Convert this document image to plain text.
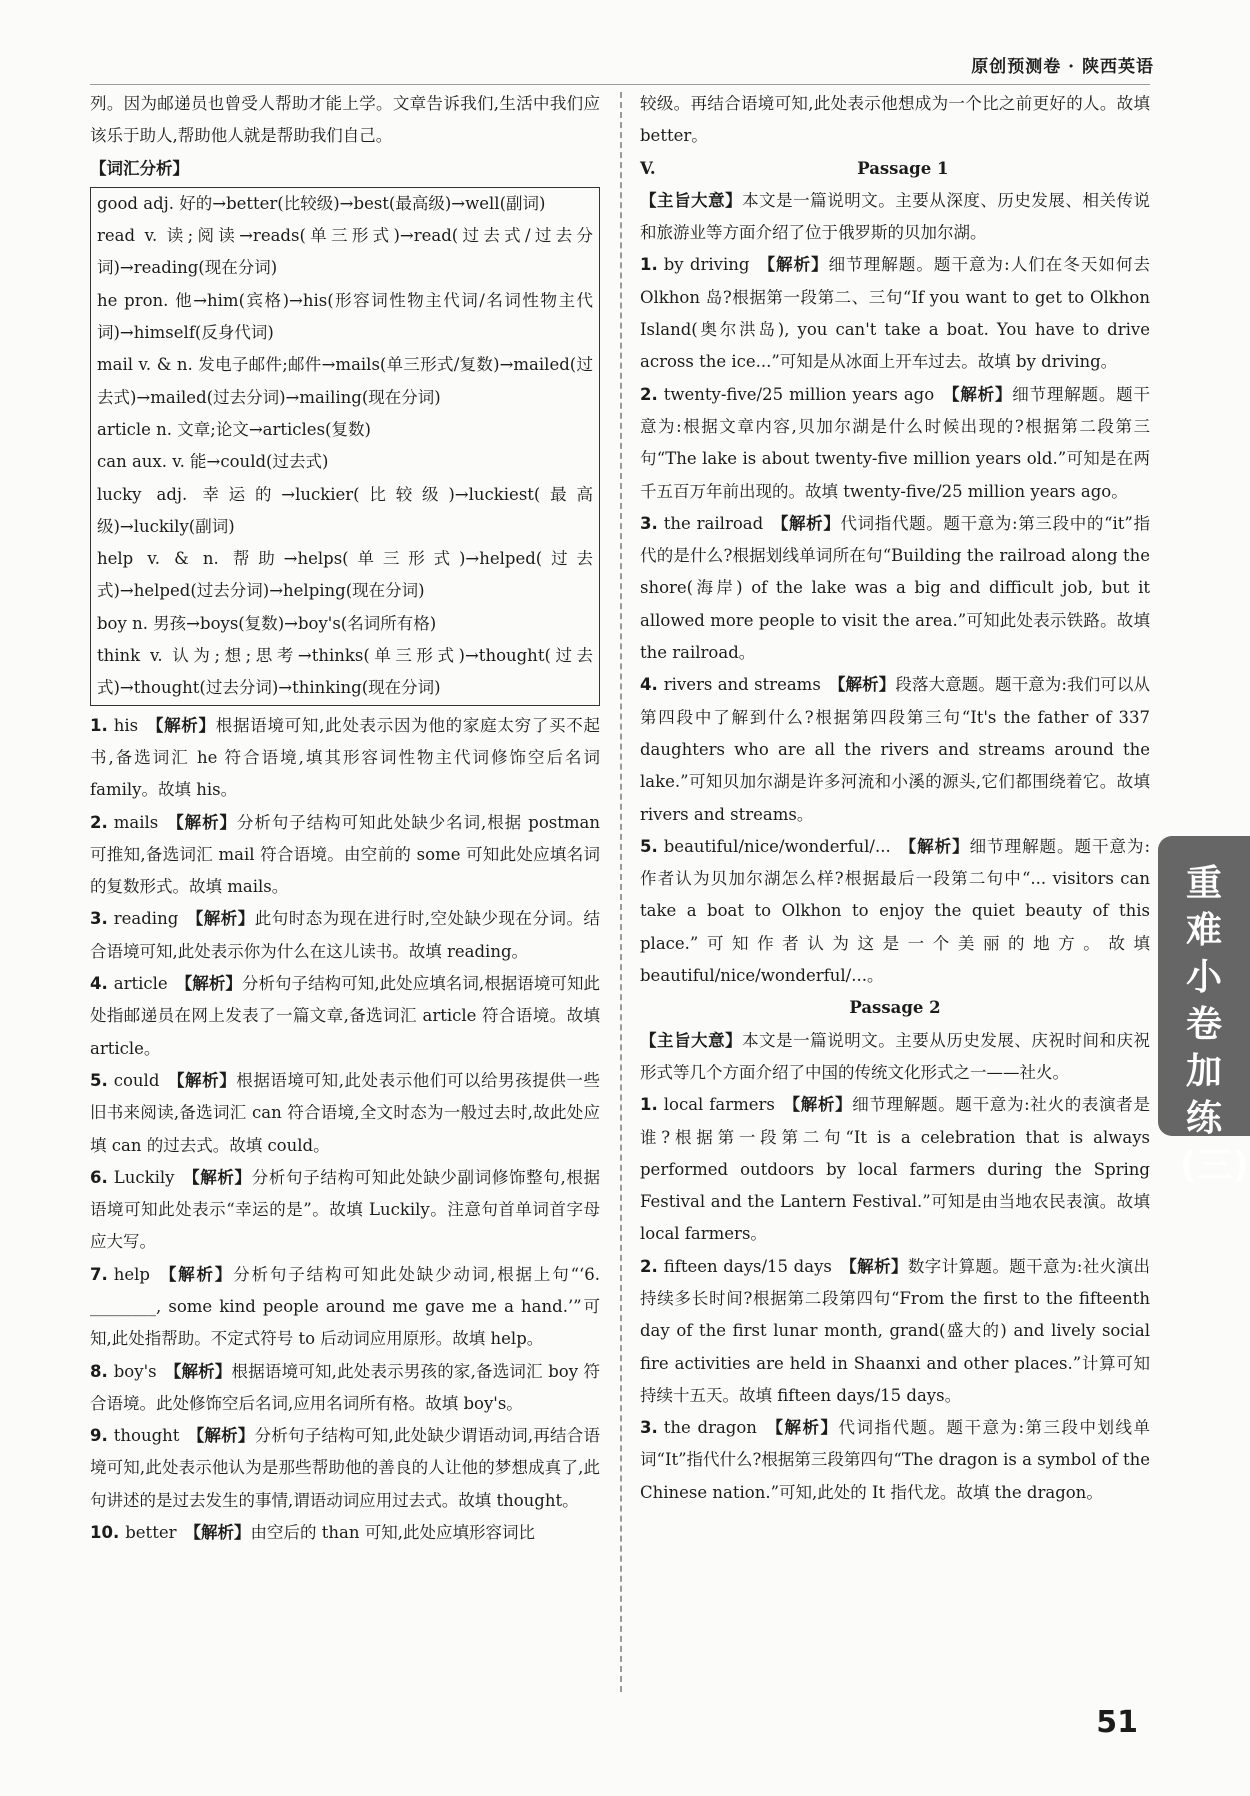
原创预测卷 · 陕西英语

列。因为邮递员也曾受人帮助才能上学。文章告诉我们,生活中我们应该乐于助人,帮助他人就是帮助我们自己。

【词汇分析】

good adj. 好的→better(比较级)→best(最高级)→well(副词)
read v. 读;阅读→reads(单三形式)→read(过去式/过去分词)→reading(现在分词)
he pron. 他→him(宾格)→his(形容词性物主代词/名词性物主代词)→himself(反身代词)
mail v. & n. 发电子邮件;邮件→mails(单三形式/复数)→mailed(过去式)→mailed(过去分词)→mailing(现在分词)
article n. 文章;论文→articles(复数)
can aux. v. 能→could(过去式)
lucky adj. 幸运的→luckier(比较级)→luckiest(最高级)→luckily(副词)
help v. & n. 帮助→helps(单三形式)→helped(过去式)→helped(过去分词)→helping(现在分词)
boy n. 男孩→boys(复数)→boy's(名词所有格)
think v. 认为;想;思考→thinks(单三形式)→thought(过去式)→thought(过去分词)→thinking(现在分词)

1. his 【解析】根据语境可知,此处表示因为他的家庭太穷了买不起书,备选词汇 he 符合语境,填其形容词性物主代词修饰空后名词 family。故填 his。

2. mails 【解析】分析句子结构可知此处缺少名词,根据 postman 可推知,备选词汇 mail 符合语境。由空前的 some 可知此处应填名词的复数形式。故填 mails。

3. reading 【解析】此句时态为现在进行时,空处缺少现在分词。结合语境可知,此处表示你为什么在这儿读书。故填 reading。

4. article 【解析】分析句子结构可知,此处应填名词,根据语境可知此处指邮递员在网上发表了一篇文章,备选词汇 article 符合语境。故填 article。

5. could 【解析】根据语境可知,此处表示他们可以给男孩提供一些旧书来阅读,备选词汇 can 符合语境,全文时态为一般过去时,故此处应填 can 的过去式。故填 could。

6. Luckily 【解析】分析句子结构可知此处缺少副词修饰整句,根据语境可知此处表示“幸运的是”。故填 Luckily。注意句首单词首字母应大写。

7. help 【解析】分析句子结构可知此处缺少动词,根据上句“‘6. ________, some kind people around me gave me a hand.’”可知,此处指帮助。不定式符号 to 后动词应用原形。故填 help。

8. boy's 【解析】根据语境可知,此处表示男孩的家,备选词汇 boy 符合语境。此处修饰空后名词,应用名词所有格。故填 boy's。

9. thought 【解析】分析句子结构可知,此处缺少谓语动词,再结合语境可知,此处表示他认为是那些帮助他的善良的人让他的梦想成真了,此句讲述的是过去发生的事情,谓语动词应用过去式。故填 thought。

10. better 【解析】由空后的 than 可知,此处应填形容词比

较级。再结合语境可知,此处表示他想成为一个比之前更好的人。故填 better。

V.	Passage 1

【主旨大意】本文是一篇说明文。主要从深度、历史发展、相关传说和旅游业等方面介绍了位于俄罗斯的贝加尔湖。

1. by driving 【解析】细节理解题。题干意为:人们在冬天如何去 Olkhon 岛?根据第一段第二、三句“If you want to get to Olkhon Island(奥尔洪岛), you can't take a boat. You have to drive across the ice...”可知是从冰面上开车过去。故填 by driving。

2. twenty-five/25 million years ago 【解析】细节理解题。题干意为:根据文章内容,贝加尔湖是什么时候出现的?根据第二段第三句“The lake is about twenty-five million years old.”可知是在两千五百万年前出现的。故填 twenty-five/25 million years ago。

3. the railroad 【解析】代词指代题。题干意为:第三段中的“it”指代的是什么?根据划线单词所在句“Building the railroad along the shore(海岸) of the lake was a big and difficult job, but it allowed more people to visit the area.”可知此处表示铁路。故填 the railroad。

4. rivers and streams 【解析】段落大意题。题干意为:我们可以从第四段中了解到什么?根据第四段第三句“It's the father of 337 daughters who are all the rivers and streams around the lake.”可知贝加尔湖是许多河流和小溪的源头,它们都围绕着它。故填 rivers and streams。

5. beautiful/nice/wonderful/... 【解析】细节理解题。题干意为:作者认为贝加尔湖怎么样?根据最后一段第二句中“... visitors can take a boat to Olkhon to enjoy the quiet beauty of this place.”可知作者认为这是一个美丽的地方。故填 beautiful/nice/wonderful/...。

Passage 2

【主旨大意】本文是一篇说明文。主要从历史发展、庆祝时间和庆祝形式等几个方面介绍了中国的传统文化形式之一——社火。

1. local farmers 【解析】细节理解题。题干意为:社火的表演者是谁?根据第一段第二句“It is a celebration that is always performed outdoors by local farmers during the Spring Festival and the Lantern Festival.”可知是由当地农民表演。故填 local farmers。

2. fifteen days/15 days 【解析】数字计算题。题干意为:社火演出持续多长时间?根据第二段第四句“From the first to the fifteenth day of the first lunar month, grand(盛大的) and lively social fire activities are held in Shaanxi and other places.”计算可知持续十五天。故填 fifteen days/15 days。

3. the dragon 【解析】代词指代题。题干意为:第三段中划线单词“It”指代什么?根据第三段第四句“The dragon is a symbol of the Chinese nation.”可知,此处的 It 指代龙。故填 the dragon。

重难小卷加练(三)
51
